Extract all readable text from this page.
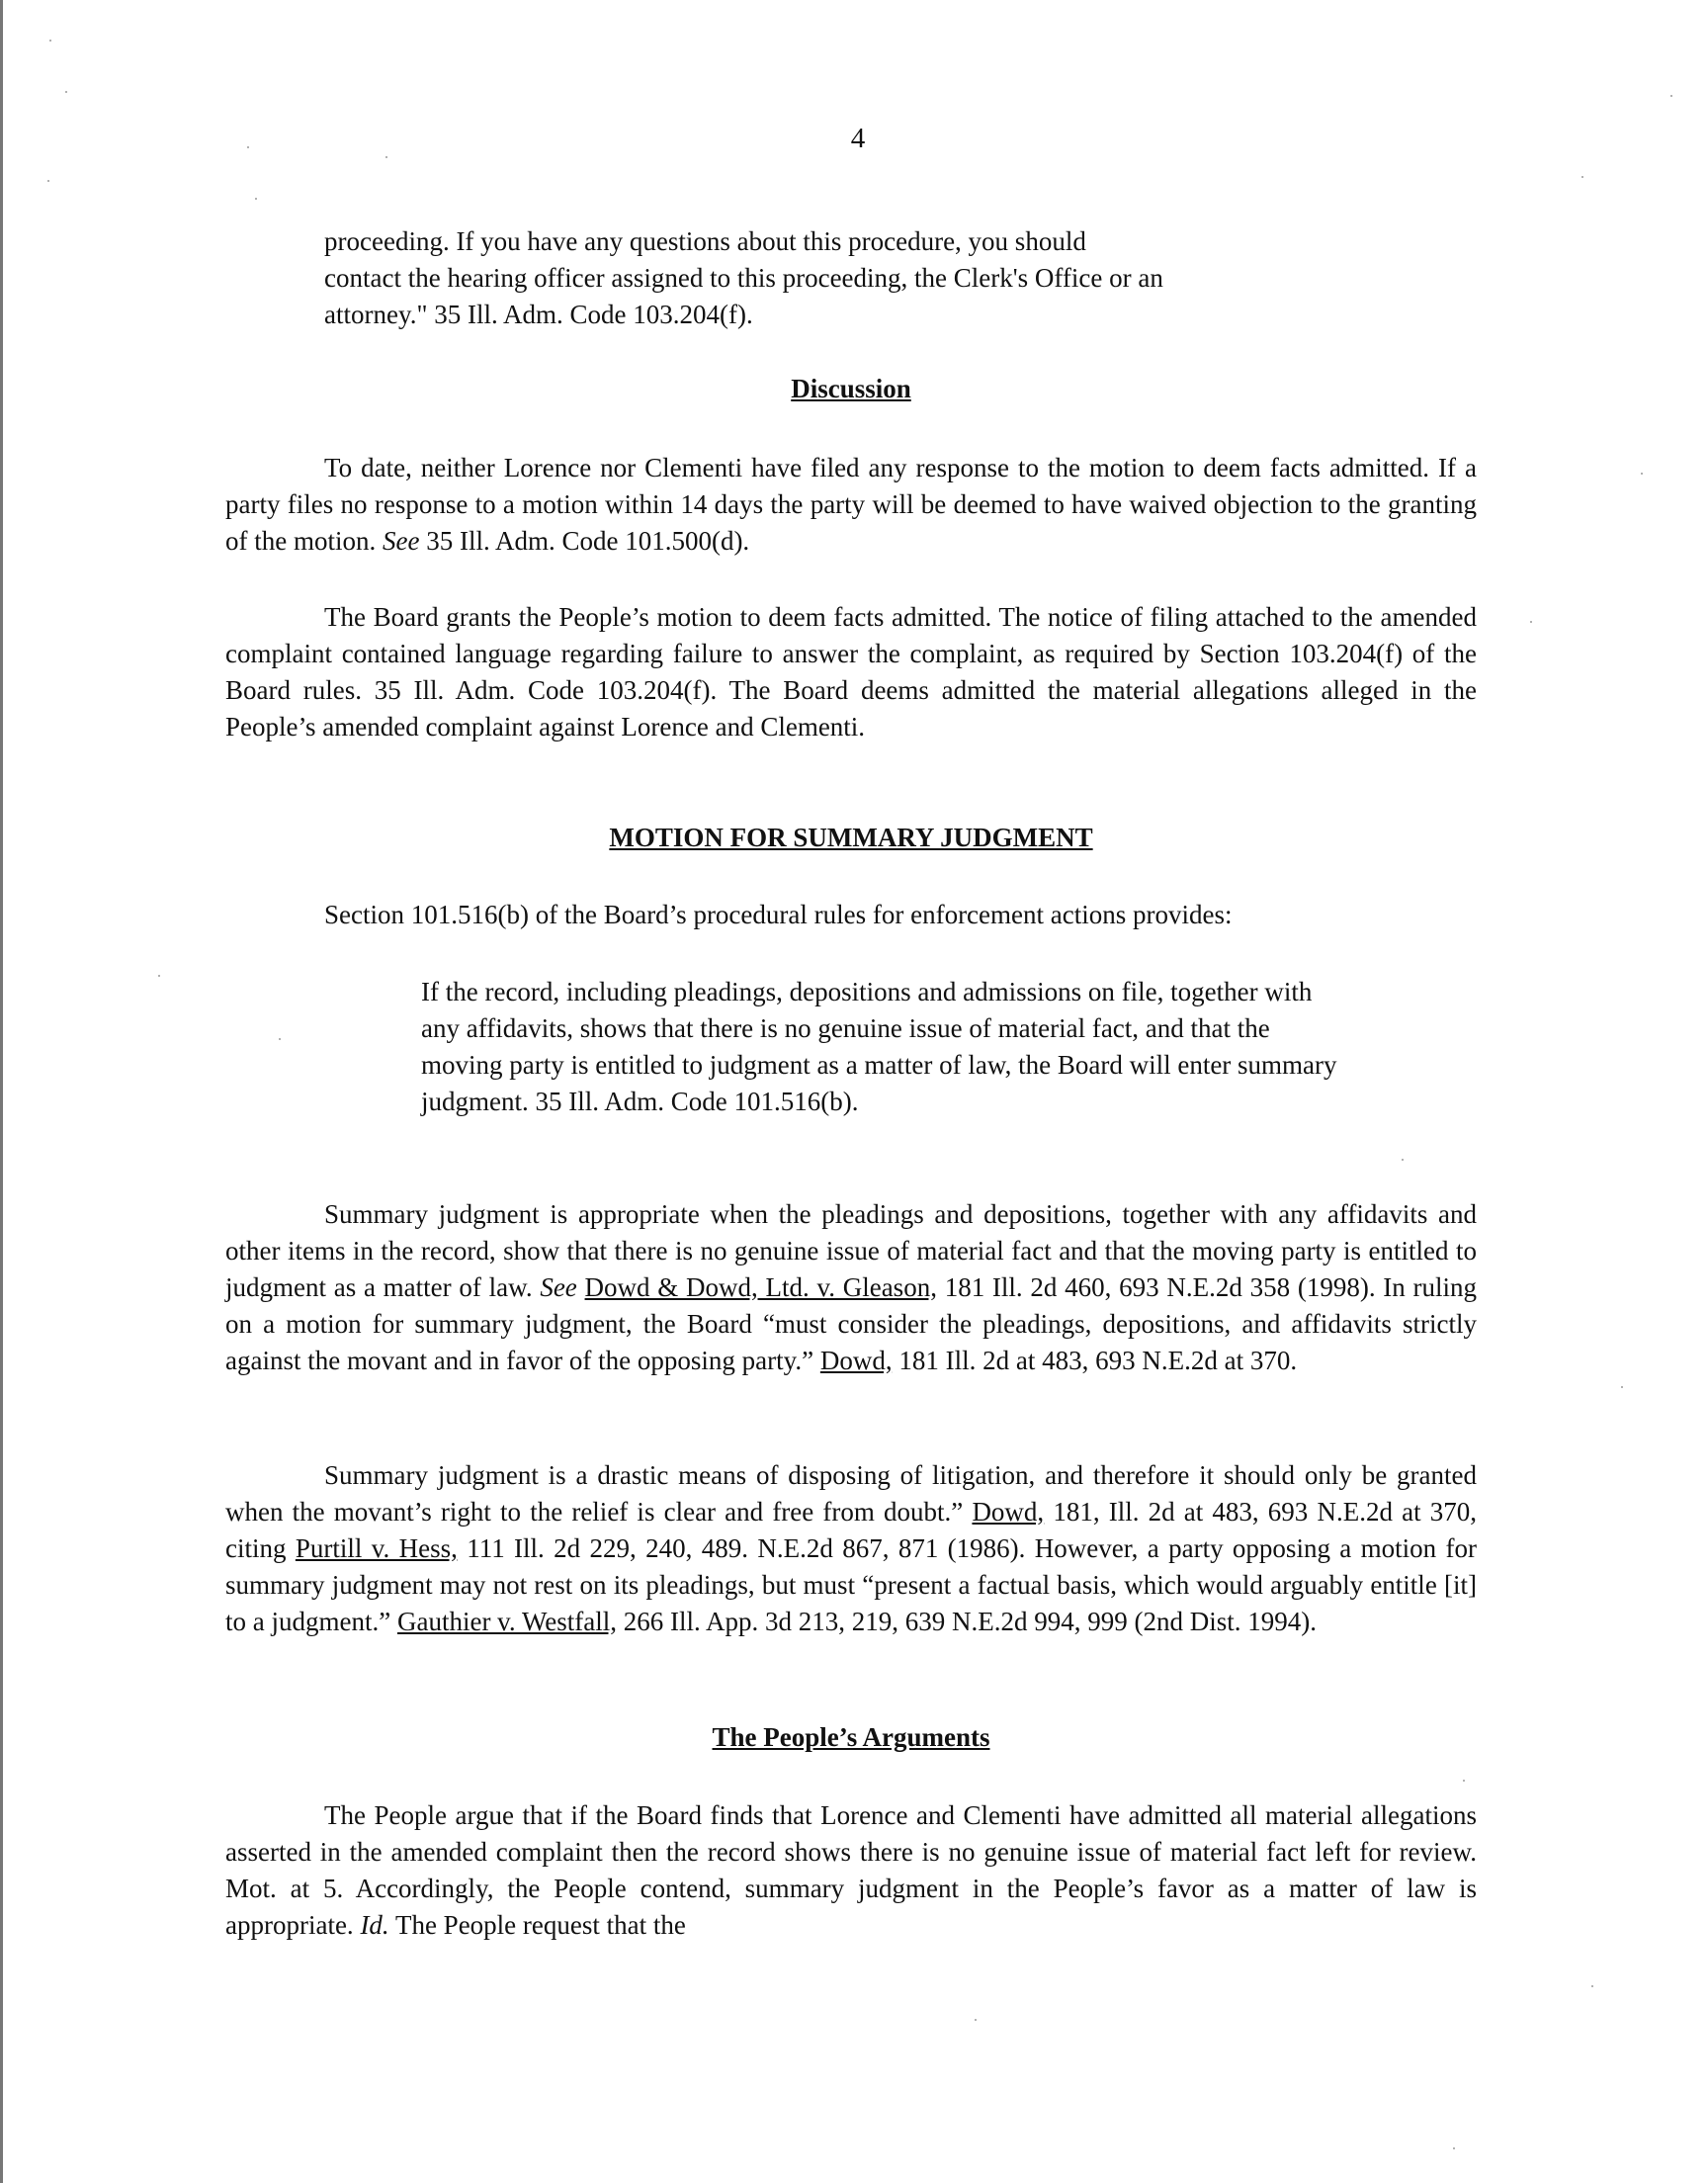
4

proceeding. If you have any questions about this procedure, you should
contact the hearing officer assigned to this proceeding, the Clerk's Office or an
attorney." 35 Ill. Adm. Code 103.204(f).

Discussion

To date, neither Lorence nor Clementi have filed any response to the motion to deem facts admitted. If a party files no response to a motion within 14 days the party will be deemed to have waived objection to the granting of the motion. See 35 Ill. Adm. Code 101.500(d).

The Board grants the People’s motion to deem facts admitted. The notice of filing attached to the amended complaint contained language regarding failure to answer the complaint, as required by Section 103.204(f) of the Board rules. 35 Ill. Adm. Code 103.204(f). The Board deems admitted the material allegations alleged in the People’s amended complaint against Lorence and Clementi.

MOTION FOR SUMMARY JUDGMENT

Section 101.516(b) of the Board’s procedural rules for enforcement actions provides:

If the record, including pleadings, depositions and admissions on file, together with any affidavits, shows that there is no genuine issue of material fact, and that the moving party is entitled to judgment as a matter of law, the Board will enter summary judgment. 35 Ill. Adm. Code 101.516(b).

Summary judgment is appropriate when the pleadings and depositions, together with any affidavits and other items in the record, show that there is no genuine issue of material fact and that the moving party is entitled to judgment as a matter of law. See Dowd & Dowd, Ltd. v. Gleason, 181 Ill. 2d 460, 693 N.E.2d 358 (1998). In ruling on a motion for summary judgment, the Board “must consider the pleadings, depositions, and affidavits strictly against the movant and in favor of the opposing party.” Dowd, 181 Ill. 2d at 483, 693 N.E.2d at 370.

Summary judgment is a drastic means of disposing of litigation, and therefore it should only be granted when the movant’s right to the relief is clear and free from doubt.” Dowd, 181, Ill. 2d at 483, 693 N.E.2d at 370, citing Purtill v. Hess, 111 Ill. 2d 229, 240, 489. N.E.2d 867, 871 (1986). However, a party opposing a motion for summary judgment may not rest on its pleadings, but must “present a factual basis, which would arguably entitle [it] to a judgment.” Gauthier v. Westfall, 266 Ill. App. 3d 213, 219, 639 N.E.2d 994, 999 (2nd Dist. 1994).

The People’s Arguments

The People argue that if the Board finds that Lorence and Clementi have admitted all material allegations asserted in the amended complaint then the record shows there is no genuine issue of material fact left for review. Mot. at 5. Accordingly, the People contend, summary judgment in the People’s favor as a matter of law is appropriate. Id. The People request that the
